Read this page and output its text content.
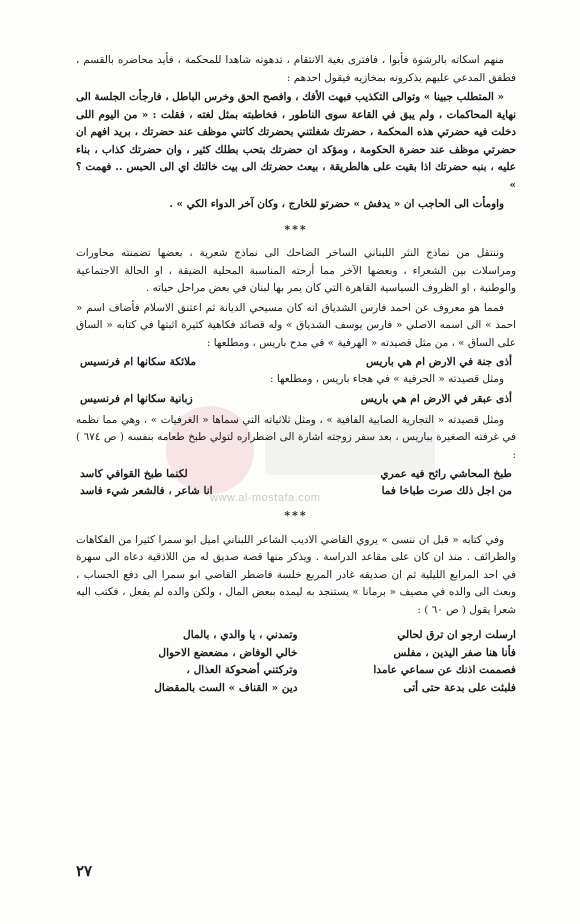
www.al-mostafa.com

منهم اسكاته بالرشوة فأبوا ، فافترى بغية الانتقام ، تدهوته شاهدا للمحكمة ، فأيد محاضره بالقسم ، فطفق المدعي عليهم يذكرونه بمخازيه فيقول احدهم :

« المتطلب جبينا » وتوالى التكذيب فبهت الأفك ، وافصح الحق وخرس الباطل ، فارجأت الجلسة الى نهاية المحاكمات ، ولم يبق في القاعة سوى الناطور ، فخاطبته بمثل لغته ، فقلت : « من اليوم اللى دخلت فيه حضرتي هذه المحكمة ، حضرتك شغلتني بحضرتك كاتني موظف عند حضرتك ، بريد افهم ان حضرتي موظف عند حضرة الحكومة ، ومؤكد ان حضرتك بتحب بطلك كثير ، وان حضرتك كذاب ، بناء عليه ، بنبه حضرتك اذا بقيت على هالطريقة ، بيعث حضرتك الى بيت خالتك اي الى الحبس .. فهمت ؟ »

واومأت الى الحاجب ان « يدفش » حضرتو للخارج ، وكان آخر الدواء الكي » .

***

وننتقل من نماذج النثر اللبناني الساخر الضاحك الى نماذج شعرية ، بعضها تضمنته محاورات ومراسلات بين الشعراء ، وبعضها الآخر مما أرحته المناسبة المحلية الضيقة ، او الحالة الاجتماعية والوطنية ، او الظروف السياسية القاهرة التي كان يمر بها لبنان في بعض مراحل حياته .

فمما هو معروف عن احمد فارس الشدياق انه كان مسيحي الديانة ثم اعتنق الاسلام فأضاف اسم « احمد » الى اسمه الاصلي « فارس يوسف الشدياق » وله قصائد فكاهية كثيرة اثبتها في كتابه « الساق على الساق » ، من مثل قصيدته « الهرفية » في مدح باريس ، ومطلعها :

أذى جنة في الارض ام هي باريس
ملائكة سكانها ام فرنسيس

ومثل قصيدته « الحرفية » في هجاء باريس ، ومطلعها :

أذى عبقر في الارض ام هي باريس
زبانية سكانها ام فرنسيس

ومثل قصيدته « التجارية الصابية الفافية » ، ومثل ثلاثياته التي سماها « الغرفيات » ، وهي مما نظمه في غرفته الصغيرة بباريس ، بعد سفر زوجته اشارة الى اضطراره لتولي طبخ طعامه بنفسه ( ص ٦٧٤ ) :

طبخ المحاشي راثح فيه عمري
لكنما طبخ القوافي كاسد
من اجل ذلك صرت طباخا فما
انا شاعر ، فالشعر شيء فاسد
***

وفي كتابه « قبل ان ننسى » يروي القاضي الاديب الشاعر اللبناني اميل ابو سمرا كثيرا من الفكاهات والطرائف . منذ ان كان على مقاعد الدراسة . ويذكر منها قصة صديق له من اللاذقية دعاه الى سهرة في احد المرابع الليلية ثم ان صديقه غادر المربع خلسة فاضطر القاضي ابو سمرا الى دفع الحساب ، وبعث الى والده في مصيف « برمانا » يستنجد به ليمده ببعض المال ، ولكن والده لم يفعل ، فكتب اليه شعرا يقول ( ص ٦٠ ) :

ارسلت ارجو ان ترق لحالي
فأنا هنا صفر اليدين ، مفلس
فصممت اذنك عن سماعي عامدا
فلبثت على بدعة حتى أتى
وتمدني ، يا والدي ، بالمال
خالي الوفاض ، مضعضع الاحوال
وتركتني أضحوكة العذال ،
دين « القناف » الست بالمقضال
٢٧
